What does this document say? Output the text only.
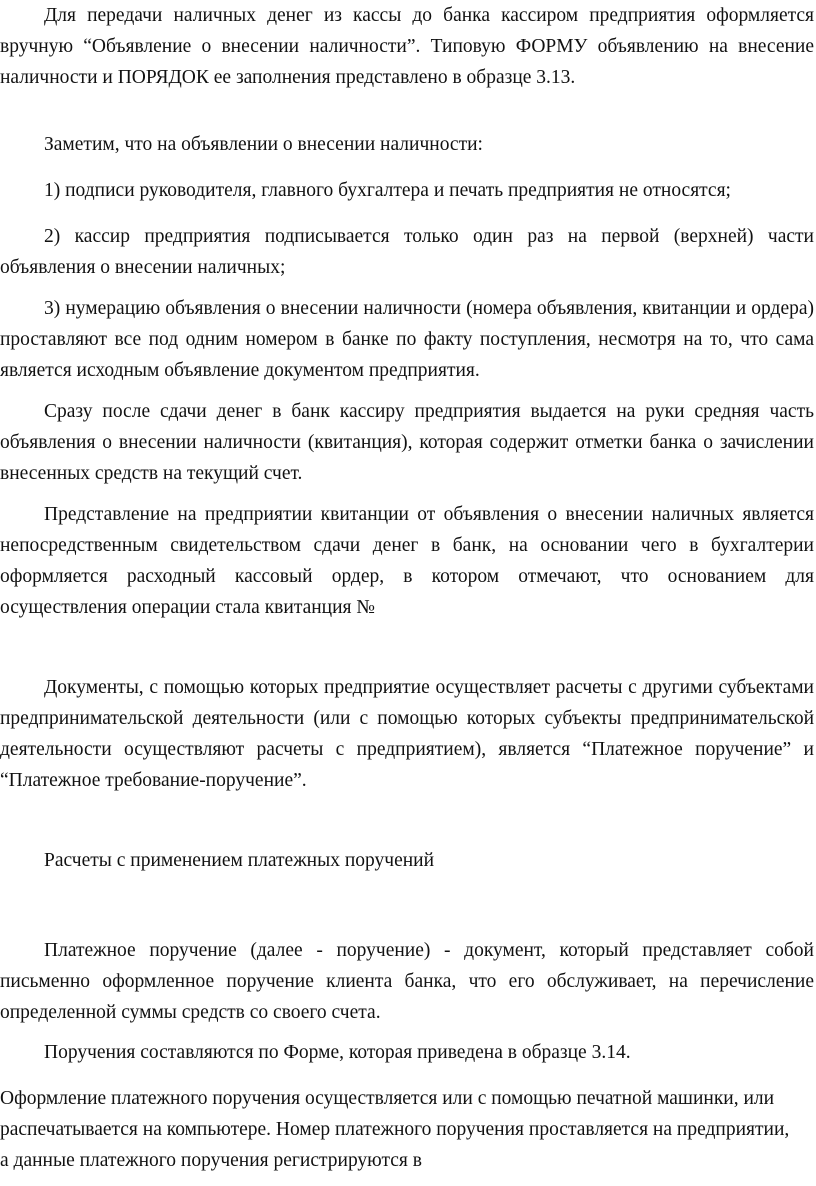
Для передачи наличных денег из кассы до банка кассиром предприятия оформляется вручную “Объявление о внесении наличности”. Типовую ФОРМУ объявлению на внесение наличности и ПОРЯДОК ее заполнения представлено в образце 3.13.

Заметим, что на объявлении о внесении наличности:

1) подписи руководителя, главного бухгалтера и печать предприятия не относятся;

2) кассир предприятия подписывается только один раз на первой (верхней) части объявления о внесении наличных;

3) нумерацию объявления о внесении наличности (номера объявления, квитанции и ордера) проставляют все под одним номером в банке по факту поступления, несмотря на то, что сама является исходным объявление документом предприятия.

Сразу после сдачи денег в банк кассиру предприятия выдается на руки средняя часть объявления о внесении наличности (квитанция), которая содержит отметки банка о зачислении внесенных средств на текущий счет.

Представление на предприятии квитанции от объявления о внесении наличных является непосредственным свидетельством сдачи денег в банк, на основании чего в бухгалтерии оформляется расходный кассовый ордер, в котором отмечают, что основанием для осуществления операции стала квитанция №

Документы, с помощью которых предприятие осуществляет расчеты с другими субъектами предпринимательской деятельности (или с помощью которых субъекты предпринимательской деятельности осуществляют расчеты с предприятием), является “Платежное поручение” и “Платежное требование-поручение”.

Расчеты с применением платежных поручений

Платежное поручение (далее - поручение) - документ, который представляет собой письменно оформленное поручение клиента банка, что его обслуживает, на перечисление определенной суммы средств со своего счета.

Поручения составляются по Форме, которая приведена в образце 3.14.

Оформление платежного поручения осуществляется или с помощью печатной машинки, или распечатывается на компьютере. Номер платежного поручения проставляется на предприятии, а данные платежного поручения регистрируются в
